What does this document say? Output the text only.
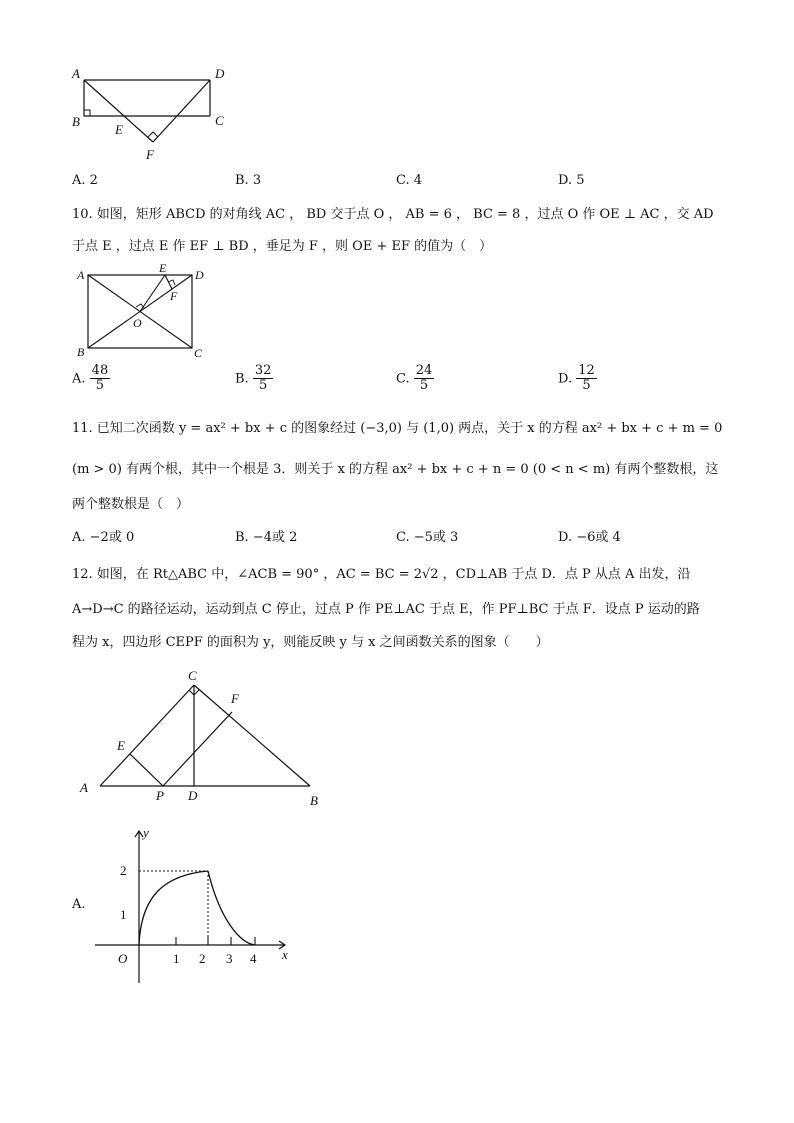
A	D
B	C
E
F
A. 2	B. 3	C. 4	D. 5
10. 如图，矩形 ABCD 的对角线 AC ， BD 交于点 O ， AB = 6 ， BC = 8 ，过点 O 作 OE ⊥ AC ，交 AD
于点 E ，过点 E 作 EF ⊥ BD ，垂足为 F ，则 OE + EF 的值为（　）
A	E D
F
O
B	C
A. $\frac{48}{5}$	B. $\frac{32}{5}$	C. $\frac{24}{5}$	D. $\frac{12}{5}$
11. 已知二次函数 y = ax² + bx + c 的图象经过 (−3,0) 与 (1,0) 两点，关于 x 的方程 ax² + bx + c + m = 0
(m > 0) 有两个根，其中一个根是 3．则关于 x 的方程 ax² + bx + c + n = 0 (0 < n < m) 有两个整数根，这
两个整数根是（　）
A. −2或 0	B. −4或 2	C. −5或 3	D. −6或 4
12. 如图，在 Rt△ABC 中，∠ACB = 90° ，AC = BC = 2√2 ，CD⊥AB 于点 D．点 P 从点 A 出发，沿
A→D→C 的路径运动，运动到点 C 停止，过点 P 作 PE⊥AC 于点 E，作 PF⊥BC 于点 F．设点 P 运动的路
程为 x，四边形 CEPF 的面积为 y，则能反映 y 与 x 之间函数关系的图象（　　）
C
F
E
A
P D	B
A.
y
x
O
2
1
1 2 3 4
